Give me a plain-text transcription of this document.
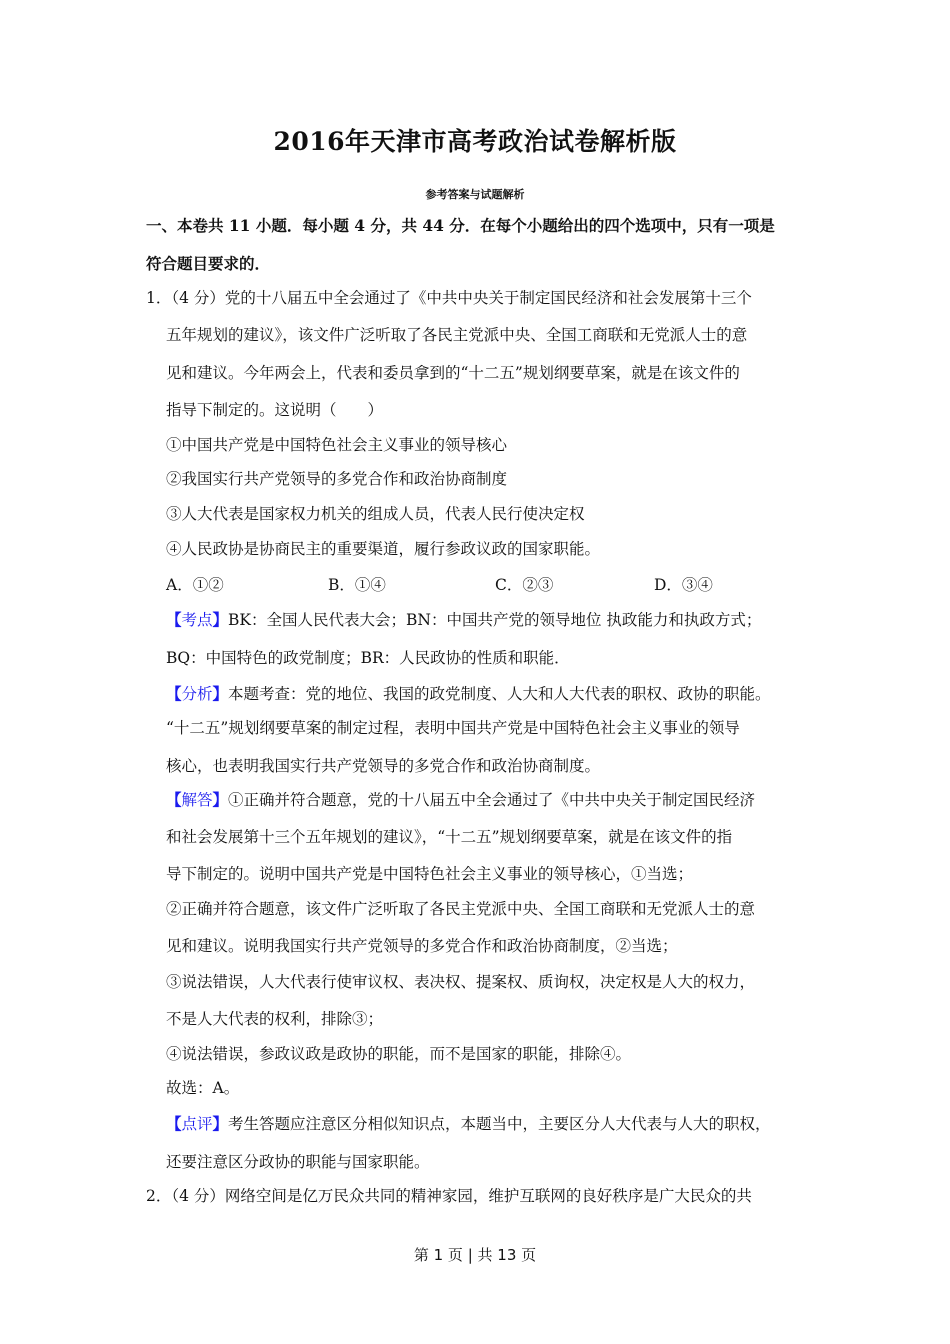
2016年天津市高考政治试卷解析版
参考答案与试题解析
一、本卷共 11 小题．每小题 4 分，共 44 分．在每个小题给出的四个选项中，只有一项是
符合题目要求的．
1．（4 分）党的十八届五中全会通过了《中共中央关于制定国民经济和社会发展第十三个
五年规划的建议》，该文件广泛听取了各民主党派中央、全国工商联和无党派人士的意
见和建议。今年两会上，代表和委员拿到的“十二五”规划纲要草案，就是在该文件的
指导下制定的。这说明（　　）
①中国共产党是中国特色社会主义事业的领导核心
②我国实行共产党领导的多党合作和政治协商制度
③人大代表是国家权力机关的组成人员，代表人民行使决定权
④人民政协是协商民主的重要渠道，履行参政议政的国家职能。
A．①②	B．①④	C．②③	D．③④
【考点】BK：全国人民代表大会；BN：中国共产党的领导地位 执政能力和执政方式；
BQ：中国特色的政党制度；BR：人民政协的性质和职能．
【分析】本题考查：党的地位、我国的政党制度、人大和人大代表的职权、政协的职能。
“十二五”规划纲要草案的制定过程，表明中国共产党是中国特色社会主义事业的领导
核心，也表明我国实行共产党领导的多党合作和政治协商制度。
【解答】①正确并符合题意，党的十八届五中全会通过了《中共中央关于制定国民经济
和社会发展第十三个五年规划的建议》，“十二五”规划纲要草案，就是在该文件的指
导下制定的。说明中国共产党是中国特色社会主义事业的领导核心，①当选；
②正确并符合题意，该文件广泛听取了各民主党派中央、全国工商联和无党派人士的意
见和建议。说明我国实行共产党领导的多党合作和政治协商制度，②当选；
③说法错误，人大代表行使审议权、表决权、提案权、质询权，决定权是人大的权力，
不是人大代表的权利，排除③；
④说法错误，参政议政是政协的职能，而不是国家的职能，排除④。
故选：A。
【点评】考生答题应注意区分相似知识点，本题当中，主要区分人大代表与人大的职权，
还要注意区分政协的职能与国家职能。
2．（4 分）网络空间是亿万民众共同的精神家园，维护互联网的良好秩序是广大民众的共
第 1 页 | 共 13 页
